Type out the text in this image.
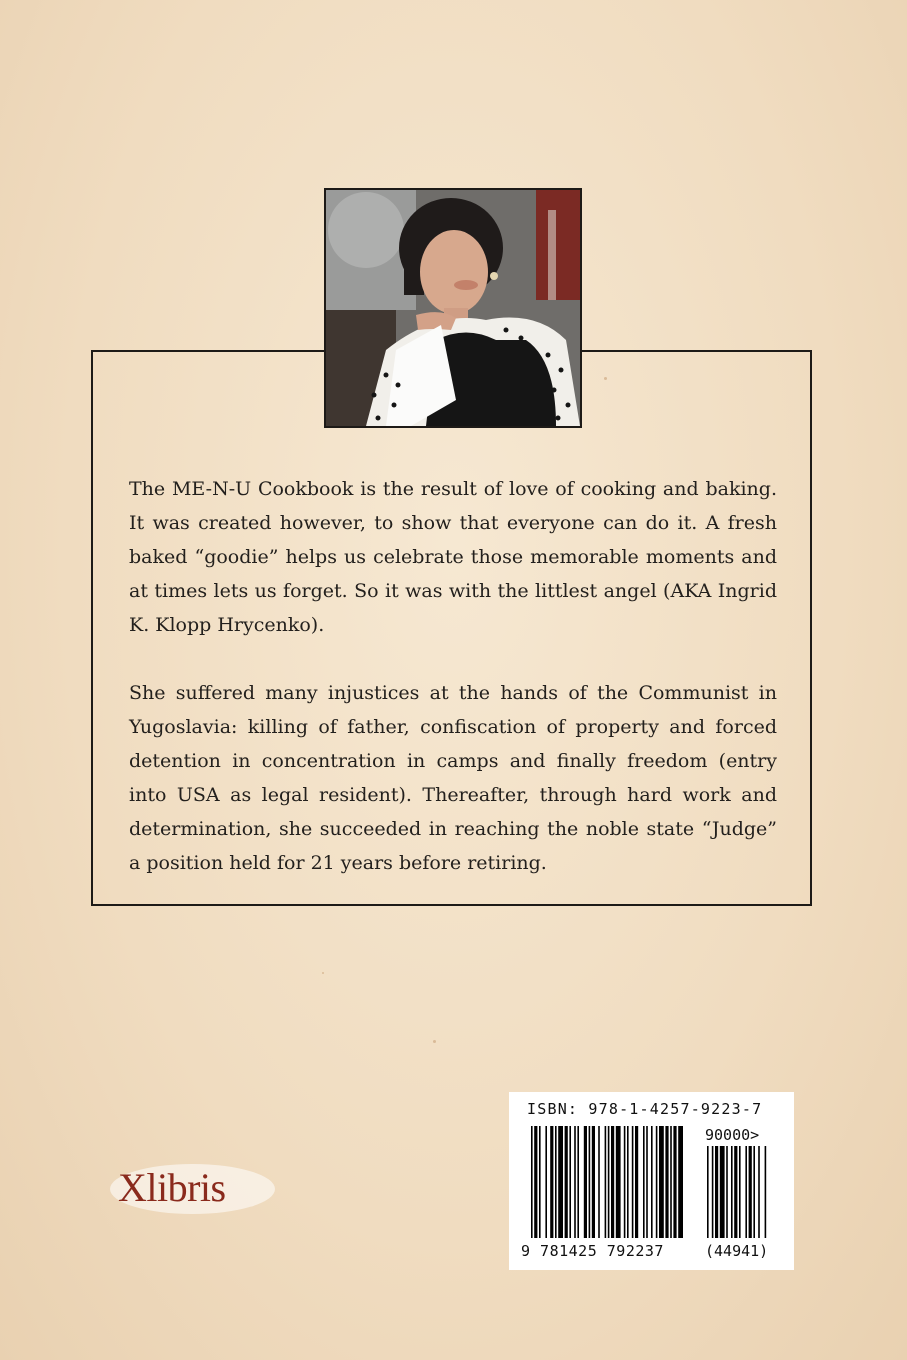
The ME-N-U Cookbook is the result of love of cooking and baking. It was created however, to show that everyone can do it. A fresh baked “goodie” helps us celebrate those memorable moments and at times lets us forget. So it was with the littlest angel (AKA Ingrid K. Klopp Hrycenko).

She suffered many injustices at the hands of the Communist in Yugoslavia: killing of father, confiscation of property and forced detention in concentration in camps and finally freedom (entry into USA as legal resident). Thereafter, through hard work and determination, she succeeded in reaching the noble state “Judge” a position held for 21 years before retiring.

Xlibris
ISBN: 978-1-4257-9223-7
90000>
9 781425 792237	(44941)
